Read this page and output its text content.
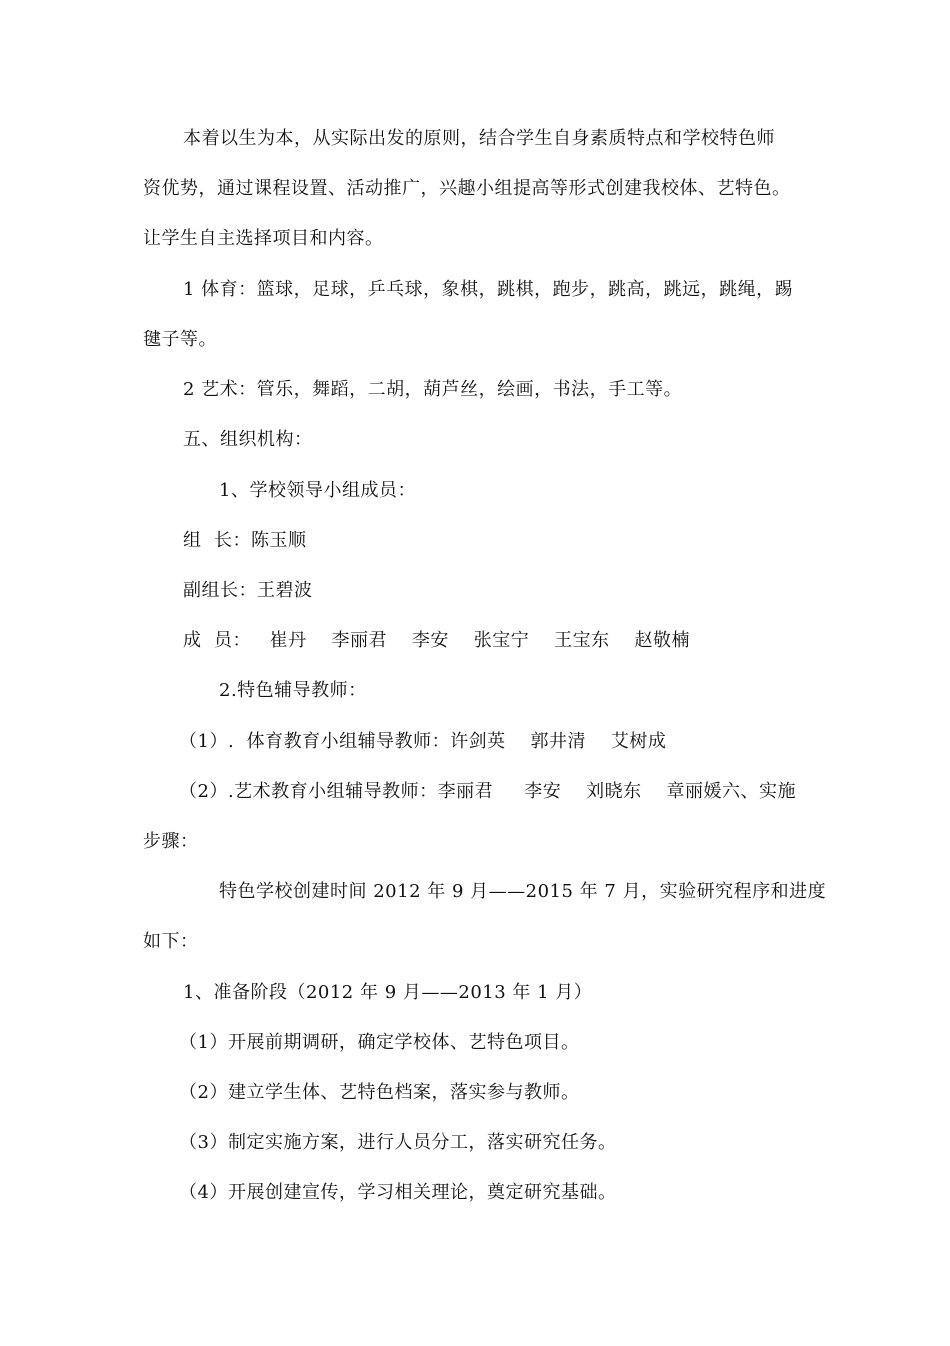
本着以生为本，从实际出发的原则，结合学生自身素质特点和学校特色师
资优势，通过课程设置、活动推广，兴趣小组提高等形式创建我校体、艺特色。
让学生自主选择项目和内容。
1 体育：篮球，足球，乒乓球，象棋，跳棋，跑步，跳高，跳远，跳绳，踢
毽子等。
2 艺术：管乐，舞蹈，二胡，葫芦丝，绘画，书法，手工等。
五、组织机构：
1、学校领导小组成员：
组  长：陈玉顺
副组长：王碧波
成  员：   崔丹    李丽君    李安    张宝宁    王宝东    赵敬楠
2.特色辅导教师：
（1）.  体育教育小组辅导教师：许剑英    郭井清    艾树成
（2）.艺术教育小组辅导教师：李丽君     李安    刘晓东    章丽媛六、实施
步骤：
特色学校创建时间 2012 年 9 月——2015 年 7 月，实验研究程序和进度
如下：
1、准备阶段（2012 年 9 月——2013 年 1 月）
（1）开展前期调研，确定学校体、艺特色项目。
（2）建立学生体、艺特色档案，落实参与教师。
（3）制定实施方案，进行人员分工，落实研究任务。
（4）开展创建宣传，学习相关理论，奠定研究基础。
